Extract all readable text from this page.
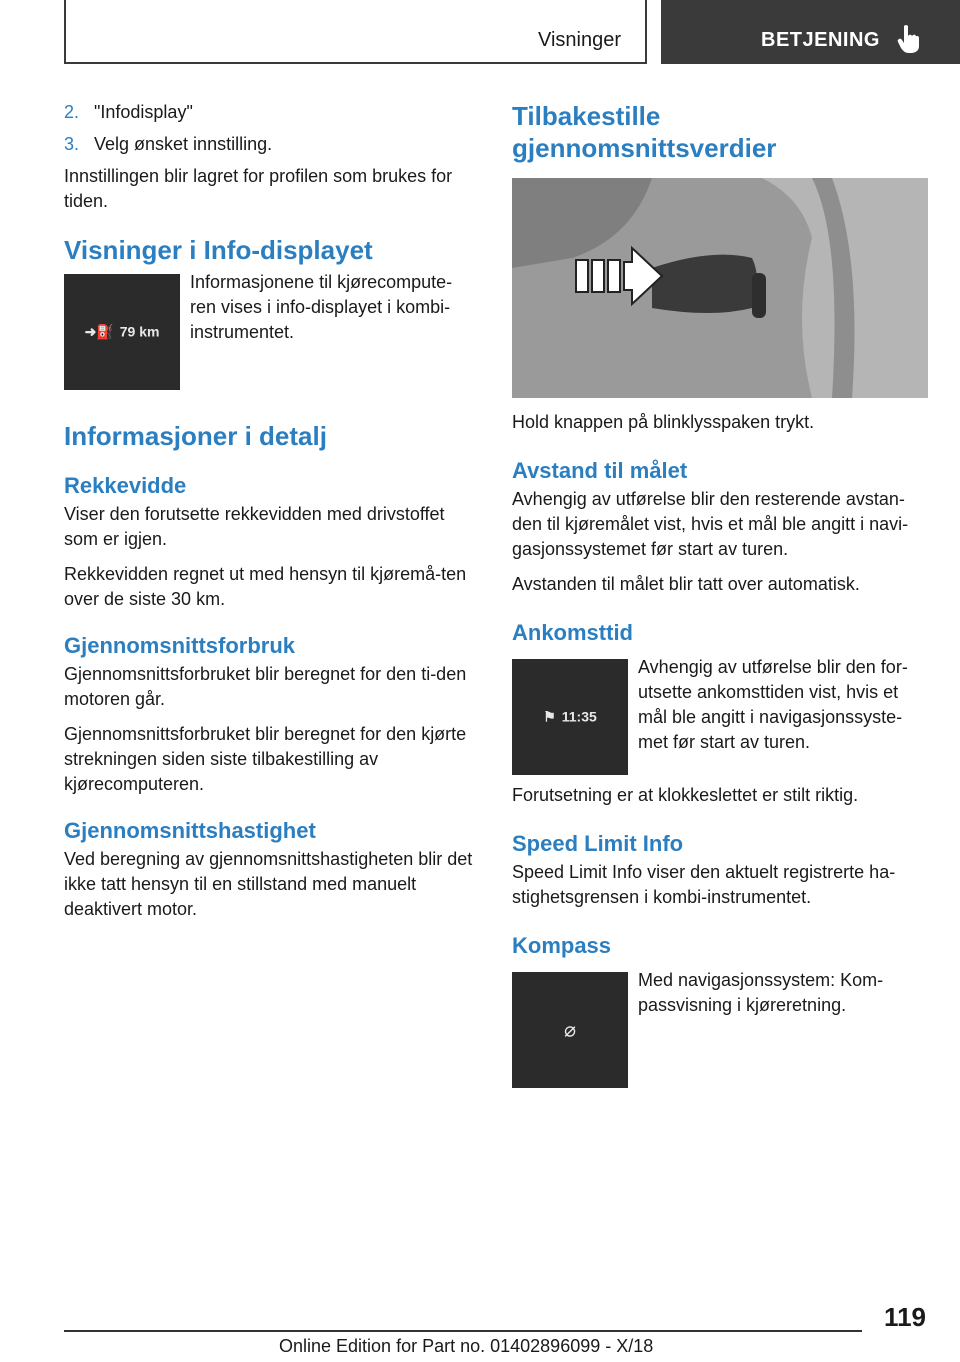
Visninger	BETJENING
2. "Infodisplay"
3. Velg ønsket innstilling.

Innstillingen blir lagret for profilen som brukes for tiden.

Visninger i Info-displayet
➜⛽ 79 km

Informasjonene til kjørecompute-ren vises i info-displayet i kombi-instrumentet.

Informasjoner i detalj
Rekkevidde

Viser den forutsette rekkevidden med drivstoffet som er igjen.

Rekkevidden regnet ut med hensyn til kjøremå-ten over de siste 30 km.

Gjennomsnittsforbruk

Gjennomsnittsforbruket blir beregnet for den ti-den motoren går.

Gjennomsnittsforbruket blir beregnet for den kjørte strekningen siden siste tilbakestilling av kjørecomputeren.

Gjennomsnittshastighet

Ved beregning av gjennomsnittshastigheten blir det ikke tatt hensyn til en stillstand med manuelt deaktivert motor.

Tilbakestille gjennomsnittsverdier

Hold knappen på blinklysspaken trykt.

Avstand til målet

Avhengig av utførelse blir den resterende avstan-den til kjøremålet vist, hvis et mål ble angitt i navi-gasjonssystemet før start av turen.

Avstanden til målet blir tatt over automatisk.

Ankomsttid
⚑ 11:35

Avhengig av utførelse blir den for-utsette ankomsttiden vist, hvis et mål ble angitt i navigasjonssyste-met før start av turen.

Forutsetning er at klokkeslettet er stilt riktig.

Speed Limit Info

Speed Limit Info viser den aktuelt registrerte ha-stighetsgrensen i kombi-instrumentet.

Kompass
⌀

Med navigasjonssystem: Kom-passvisning i kjøreretning.

119
Online Edition for Part no. 01402896099 - X/18
